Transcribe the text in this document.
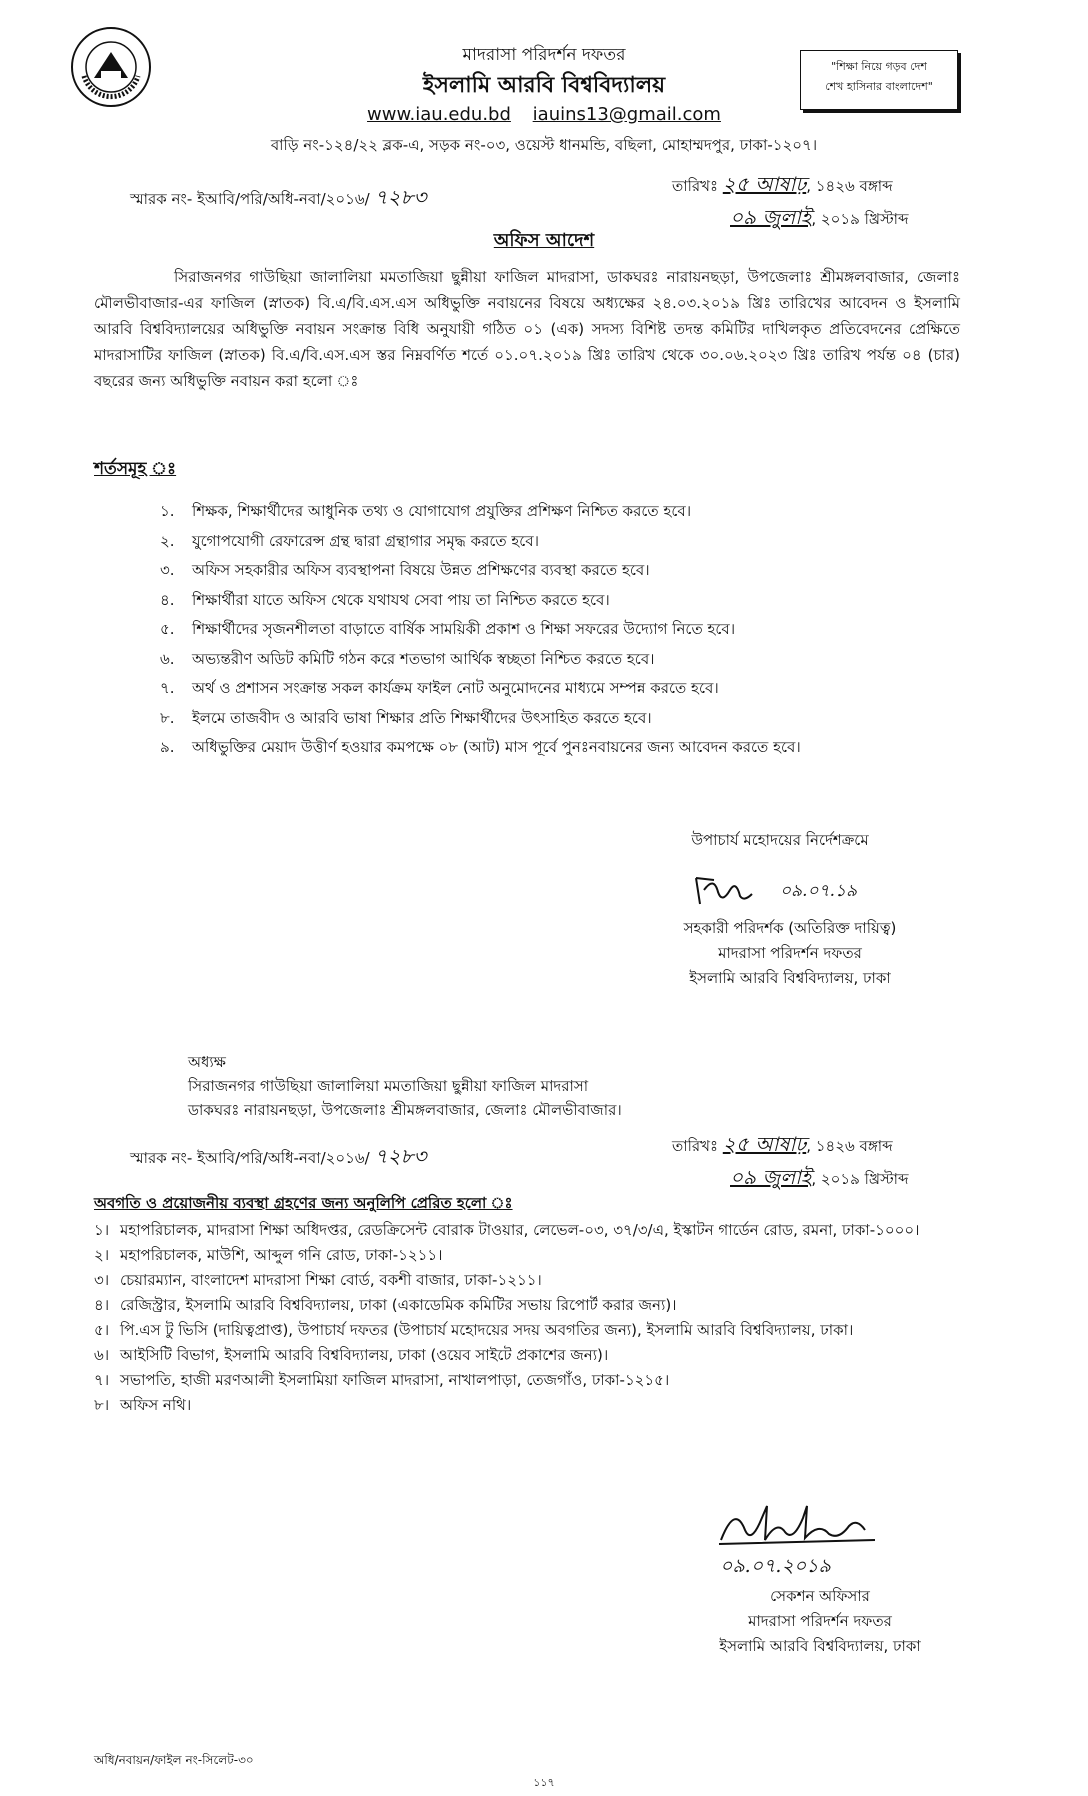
মাদরাসা পরিদর্শন দফতর
ইসলামি আরবি বিশ্ববিদ্যালয়
www.iau.edu.bd iauins13@gmail.com
বাড়ি নং-১২৪/২২ ব্লক-এ, সড়ক নং-০৩, ওয়েস্ট ধানমন্ডি, বছিলা, মোহাম্মদপুর, ঢাকা-১২০৭।
"শিক্ষা নিয়ে গড়ব দেশ
শেখ হাসিনার বাংলাদেশ"
স্মারক নং- ইআবি/পরি/অধি-নবা/২০১৬/ ৭২৮৩	তারিখঃ ২৫ আষাঢ়, ১৪২৬ বঙ্গাব্দ
০৯ জুলাই, ২০১৯ খ্রিস্টাব্দ
অফিস আদেশ
সিরাজনগর গাউছিয়া জালালিয়া মমতাজিয়া ছুন্নীয়া ফাজিল মাদরাসা, ডাকঘরঃ নারায়নছড়া, উপজেলাঃ শ্রীমঙ্গলবাজার, জেলাঃ মৌলভীবাজার-এর ফাজিল (স্নাতক) বি.এ/বি.এস.এস অধিভুক্তি নবায়নের বিষয়ে অধ্যক্ষের ২৪.০৩.২০১৯ খ্রিঃ তারিখের আবেদন ও ইসলামি আরবি বিশ্ববিদ্যালয়ের অধিভুক্তি নবায়ন সংক্রান্ত বিধি অনুযায়ী গঠিত ০১ (এক) সদস্য বিশিষ্ট তদন্ত কমিটির দাখিলকৃত প্রতিবেদনের প্রেক্ষিতে মাদরাসাটির ফাজিল (স্নাতক) বি.এ/বি.এস.এস স্তর নিম্নবর্ণিত শর্তে ০১.০৭.২০১৯ খ্রিঃ তারিখ থেকে ৩০.০৬.২০২৩ খ্রিঃ তারিখ পর্যন্ত ০৪ (চার) বছরের জন্য অধিভুক্তি নবায়ন করা হলো ঃ
শর্তসমূহ ঃ
১. শিক্ষক, শিক্ষার্থীদের আধুনিক তথ্য ও যোগাযোগ প্রযুক্তির প্রশিক্ষণ নিশ্চিত করতে হবে।
২. যুগোপযোগী রেফারেন্স গ্রন্থ দ্বারা গ্রন্থাগার সমৃদ্ধ করতে হবে।
৩. অফিস সহকারীর অফিস ব্যবস্থাপনা বিষয়ে উন্নত প্রশিক্ষণের ব্যবস্থা করতে হবে।
৪. শিক্ষার্থীরা যাতে অফিস থেকে যথাযথ সেবা পায় তা নিশ্চিত করতে হবে।
৫. শিক্ষার্থীদের সৃজনশীলতা বাড়াতে বার্ষিক সাময়িকী প্রকাশ ও শিক্ষা সফরের উদ্যোগ নিতে হবে।
৬. অভ্যন্তরীণ অডিট কমিটি গঠন করে শতভাগ আর্থিক স্বচ্ছতা নিশ্চিত করতে হবে।
৭. অর্থ ও প্রশাসন সংক্রান্ত সকল কার্যক্রম ফাইল নোট অনুমোদনের মাধ্যমে সম্পন্ন করতে হবে।
৮. ইলমে তাজবীদ ও আরবি ভাষা শিক্ষার প্রতি শিক্ষার্থীদের উৎসাহিত করতে হবে।
৯. অধিভুক্তির মেয়াদ উত্তীর্ণ হওয়ার কমপক্ষে ০৮ (আট) মাস পূর্বে পুনঃনবায়নের জন্য আবেদন করতে হবে।
উপাচার্য মহোদয়ের নির্দেশক্রমে
০৯.০৭.১৯
সহকারী পরিদর্শক (অতিরিক্ত দায়িত্ব)
মাদরাসা পরিদর্শন দফতর
ইসলামি আরবি বিশ্ববিদ্যালয়, ঢাকা
অধ্যক্ষ
সিরাজনগর গাউছিয়া জালালিয়া মমতাজিয়া ছুন্নীয়া ফাজিল মাদরাসা
ডাকঘরঃ নারায়নছড়া, উপজেলাঃ শ্রীমঙ্গলবাজার, জেলাঃ মৌলভীবাজার।
স্মারক নং- ইআবি/পরি/অধি-নবা/২০১৬/ ৭২৮৩	তারিখঃ ২৫ আষাঢ়, ১৪২৬ বঙ্গাব্দ
০৯ জুলাই, ২০১৯ খ্রিস্টাব্দ
অবগতি ও প্রয়োজনীয় ব্যবস্থা গ্রহণের জন্য অনুলিপি প্রেরিত হলো ঃ
১। মহাপরিচালক, মাদরাসা শিক্ষা অধিদপ্তর, রেডক্রিসেন্ট বোরাক টাওয়ার, লেভেল-০৩, ৩৭/৩/এ, ইস্কাটন গার্ডেন রোড, রমনা, ঢাকা-১০০০।
২। মহাপরিচালক, মাউশি, আব্দুল গনি রোড, ঢাকা-১২১১।
৩। চেয়ারম্যান, বাংলাদেশ মাদরাসা শিক্ষা বোর্ড, বকশী বাজার, ঢাকা-১২১১।
৪। রেজিস্ট্রার, ইসলামি আরবি বিশ্ববিদ্যালয়, ঢাকা (একাডেমিক কমিটির সভায় রিপোর্ট করার জন্য)।
৫। পি.এস টু ভিসি (দায়িত্বপ্রাপ্ত), উপাচার্য দফতর (উপাচার্য মহোদয়ের সদয় অবগতির জন্য), ইসলামি আরবি বিশ্ববিদ্যালয়, ঢাকা।
৬। আইসিটি বিভাগ, ইসলামি আরবি বিশ্ববিদ্যালয়, ঢাকা (ওয়েব সাইটে প্রকাশের জন্য)।
৭। সভাপতি, হাজী মরণআলী ইসলামিয়া ফাজিল মাদরাসা, নাখালপাড়া, তেজগাঁও, ঢাকা-১২১৫।
৮। অফিস নথি।
০৯.০৭.২০১৯
সেকশন অফিসার
মাদরাসা পরিদর্শন দফতর
ইসলামি আরবি বিশ্ববিদ্যালয়, ঢাকা
অধি/নবায়ন/ফাইল নং-সিলেট-৩০
১১৭
